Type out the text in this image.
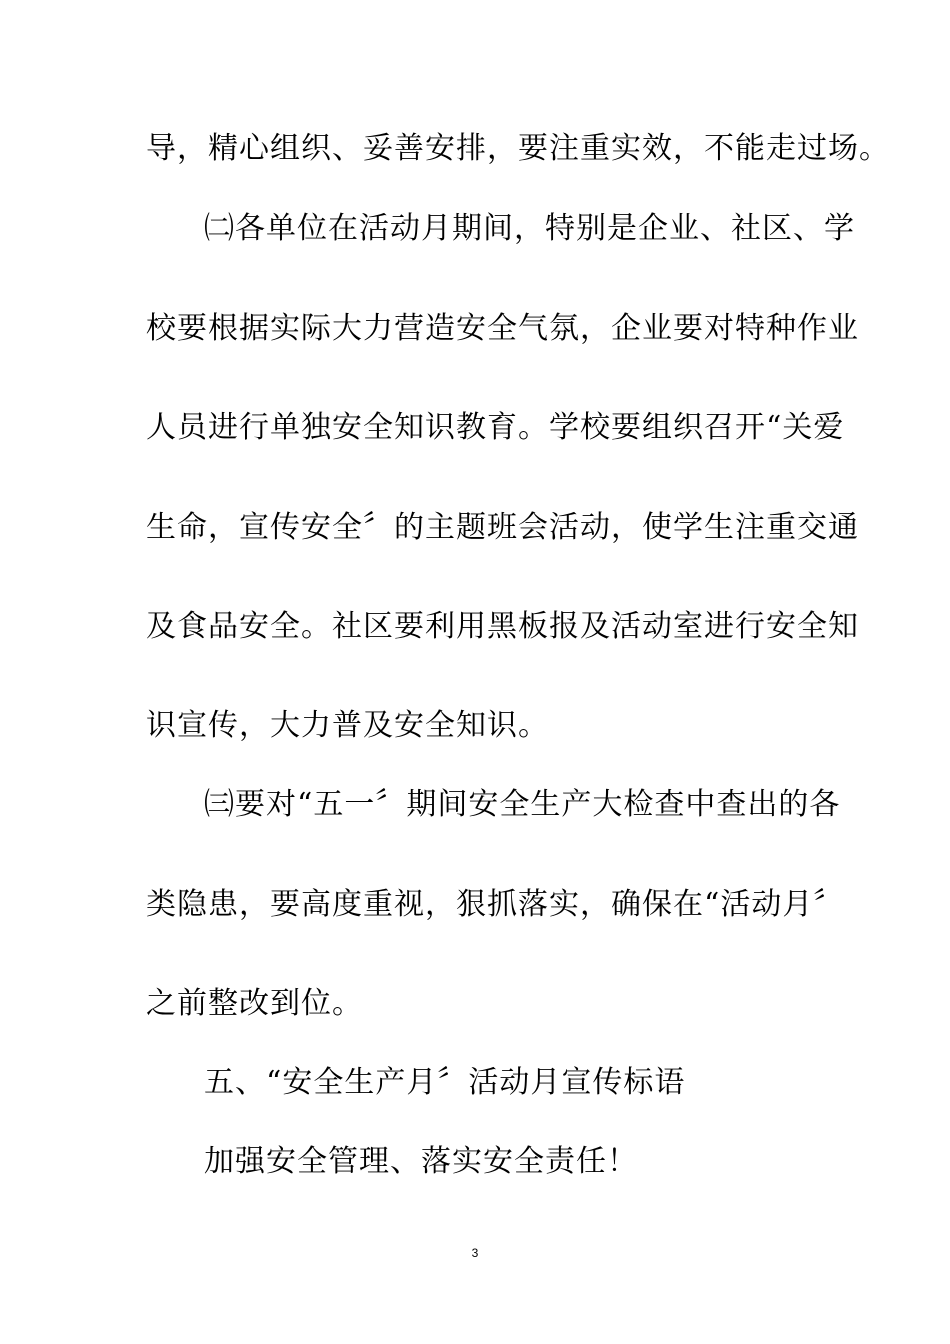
导，精心组织、妥善安排，要注重实效，不能走过场。
㈡各单位在活动月期间，特别是企业、社区、学
校要根据实际大力营造安全气氛，企业要对特种作业
人员进行单独安全知识教育。学校要组织召开“关爱
生命，宣传安全〞的主题班会活动，使学生注重交通
及食品安全。社区要利用黑板报及活动室进行安全知
识宣传，大力普及安全知识。
㈢要对“五一〞期间安全生产大检查中查出的各
类隐患，要高度重视，狠抓落实，确保在“活动月〞
之前整改到位。
五、“安全生产月〞活动月宣传标语
加强安全管理、落实安全责任！
3
